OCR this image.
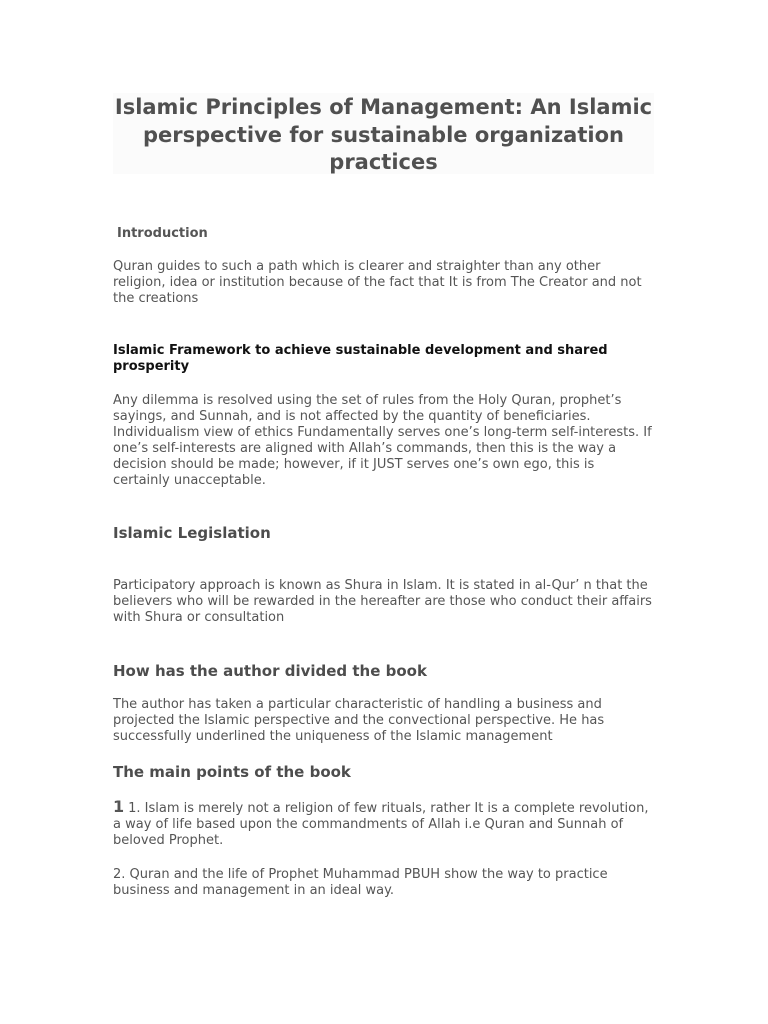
Islamic Principles of Management: An Islamic perspective for sustainable organization practices
Introduction

Quran guides to such a path which is clearer and straighter than any other religion, idea or institution because of the fact that It is from The Creator and not the creations

Islamic Framework to achieve sustainable development and shared prosperity

Any dilemma is resolved using the set of rules from the Holy Quran, prophet’s sayings, and Sunnah, and is not affected by the quantity of beneficiaries. Individualism view of ethics Fundamentally serves one’s long-term self-interests. If one’s self-interests are aligned with Allah’s commands, then this is the way a decision should be made; however, if it JUST serves one’s own ego, this is certainly unacceptable.

Islamic Legislation

Participatory approach is known as Shura in Islam. It is stated in al-Qur’ n that the believers who will be rewarded in the hereafter are those who conduct their affairs with Shura or consultation

How has the author divided the book

The author has taken a particular characteristic of handling a business and projected the Islamic perspective and the convectional perspective. He has successfully underlined the uniqueness of the Islamic management

The main points of the book

1 1. Islam is merely not a religion of few rituals, rather It is a complete revolution, a way of life based upon the commandments of Allah i.e Quran and Sunnah of beloved Prophet.

2. Quran and the life of Prophet Muhammad PBUH show the way to practice business and management in an ideal way.
